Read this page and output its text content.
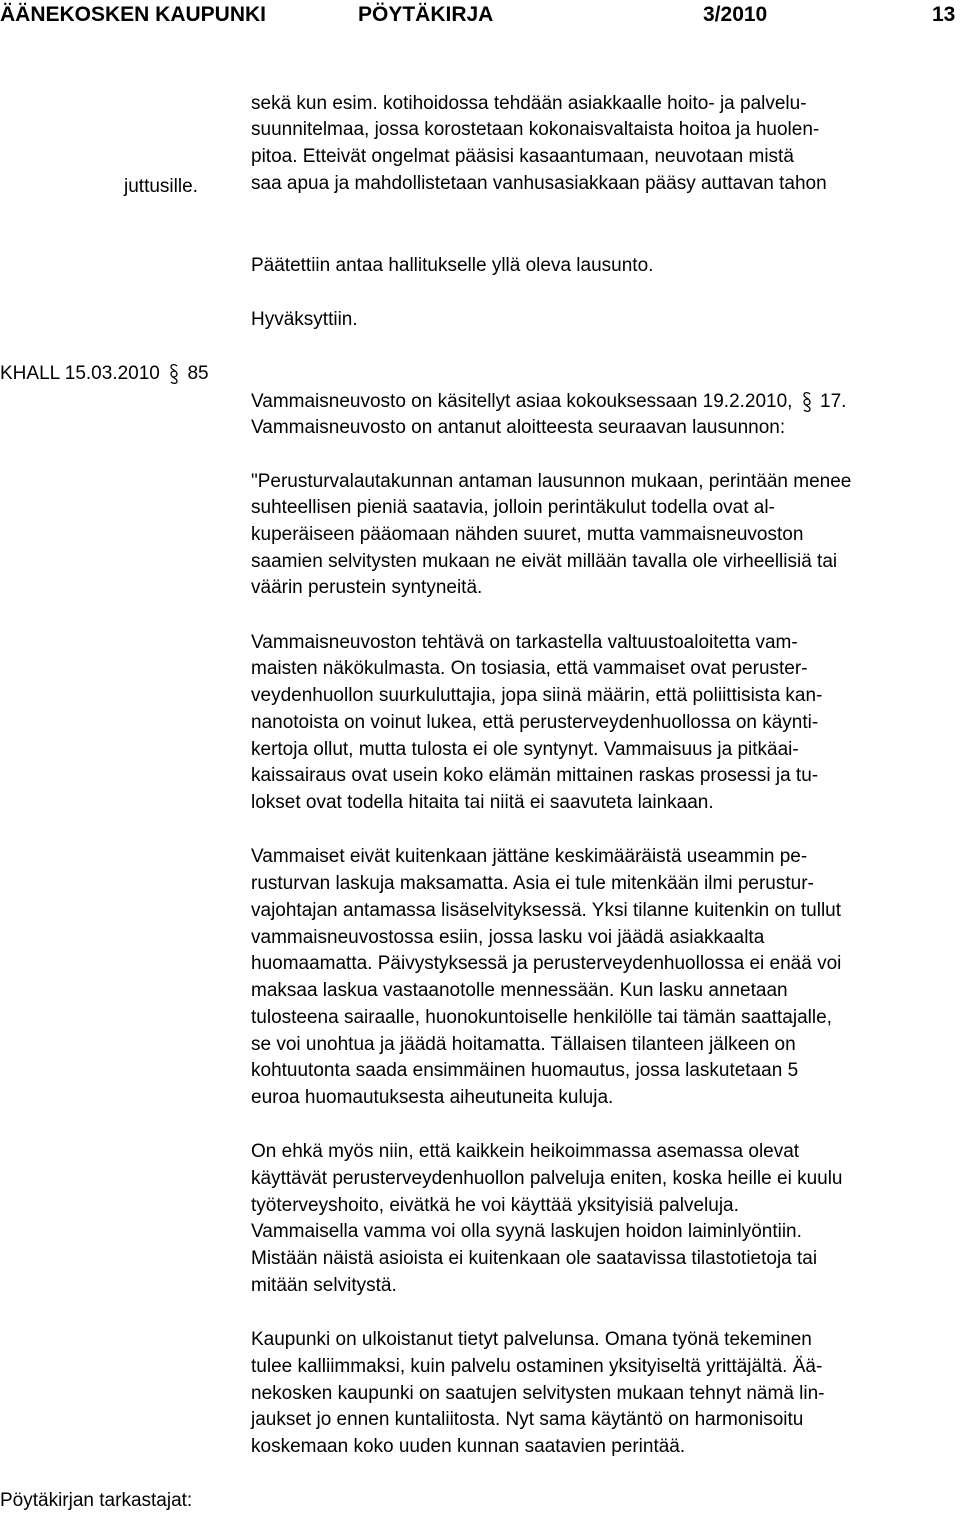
ÄÄNEKOSKEN KAUPUNKI	PÖYTÄKIRJA	3/2010	13
sekä kun esim. kotihoidossa tehdään asiakkaalle hoito- ja palvelu-
suunnitelmaa, jossa korostetaan kokonaisvaltaista hoitoa ja huolen-
pitoa. Etteivät ongelmat pääsisi kasaantumaan, neuvotaan mistä
saa apua ja mahdollistetaan vanhusasiakkaan pääsy auttavan tahon
juttusille.
Päätettiin antaa hallitukselle yllä oleva lausunto.
Hyväksyttiin.
KHALL 15.03.2010 85
Vammaisneuvosto on käsitellyt asiaa kokouksessaan 19.2.2010, 17.
Vammaisneuvosto on antanut aloitteesta seuraavan lausunnon:
"Perusturvalautakunnan antaman lausunnon mukaan, perintään menee
suhteellisen pieniä saatavia, jolloin perintäkulut todella ovat al-
kuperäiseen pääomaan nähden suuret, mutta vammaisneuvoston
saamien selvitysten mukaan ne eivät millään tavalla ole virheellisiä tai
väärin perustein syntyneitä.
Vammaisneuvoston tehtävä on tarkastella valtuustoaloitetta vam-
maisten näkökulmasta. On tosiasia, että vammaiset ovat peruster-
veydenhuollon suurkuluttajia, jopa siinä määrin, että poliittisista kan-
nanotoista on voinut lukea, että perusterveydenhuollossa on käynti-
kertoja ollut, mutta tulosta ei ole syntynyt. Vammaisuus ja pitkäai-
kaissairaus ovat usein koko elämän mittainen raskas prosessi ja tu-
lokset ovat todella hitaita tai niitä ei saavuteta lainkaan.
Vammaiset eivät kuitenkaan jättäne keskimääräistä useammin pe-
rusturvan laskuja maksamatta. Asia ei tule mitenkään ilmi perustur-
vajohtajan antamassa lisäselvityksessä. Yksi tilanne kuitenkin on tullut
vammaisneuvostossa esiin, jossa lasku voi jäädä asiakkaalta
huomaamatta. Päivystyksessä ja perusterveydenhuollossa ei enää voi
maksaa laskua vastaanotolle mennessään. Kun lasku annetaan
tulosteena sairaalle, huonokuntoiselle henkilölle tai tämän saattajalle,
se voi unohtua ja jäädä hoitamatta. Tällaisen tilanteen jälkeen on
kohtuutonta saada ensimmäinen huomautus, jossa laskutetaan 5
euroa huomautuksesta aiheutuneita kuluja.
On ehkä myös niin, että kaikkein heikoimmassa asemassa olevat
käyttävät perusterveydenhuollon palveluja eniten, koska heille ei kuulu
työterveyshoito, eivätkä he voi käyttää yksityisiä palveluja.
Vammaisella vamma voi olla syynä laskujen hoidon laiminlyöntiin.
Mistään näistä asioista ei kuitenkaan ole saatavissa tilastotietoja tai
mitään selvitystä.
Kaupunki on ulkoistanut tietyt palvelunsa. Omana työnä tekeminen
tulee kalliimmaksi, kuin palvelu ostaminen yksityiseltä yrittäjältä. Ää-
nekosken kaupunki on saatujen selvitysten mukaan tehnyt nämä lin-
jaukset jo ennen kuntaliitosta. Nyt sama käytäntö on harmonisoitu
koskemaan koko uuden kunnan saatavien perintää.
Pöytäkirjan tarkastajat:
